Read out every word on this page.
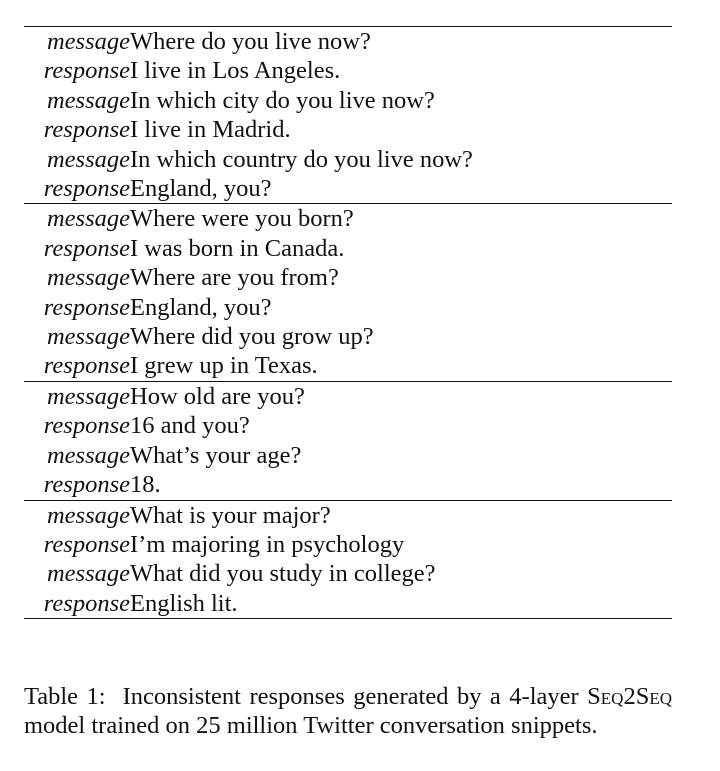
message	Where do you live now?
response	I live in Los Angeles.
message	In which city do you live now?
response	I live in Madrid.
message	In which country do you live now?
response	England, you?
message	Where were you born?
response	I was born in Canada.
message	Where are you from?
response	England, you?
message	Where did you grow up?
response	I grew up in Texas.
message	How old are you?
response	16 and you?
message	What’s your age?
response	18.
message	What is your major?
response	I’m majoring in psychology
message	What did you study in college?
response	English lit.

Table 1: Inconsistent responses generated by a 4-layer Seq2Seq model trained on 25 million Twitter conversation snippets.
